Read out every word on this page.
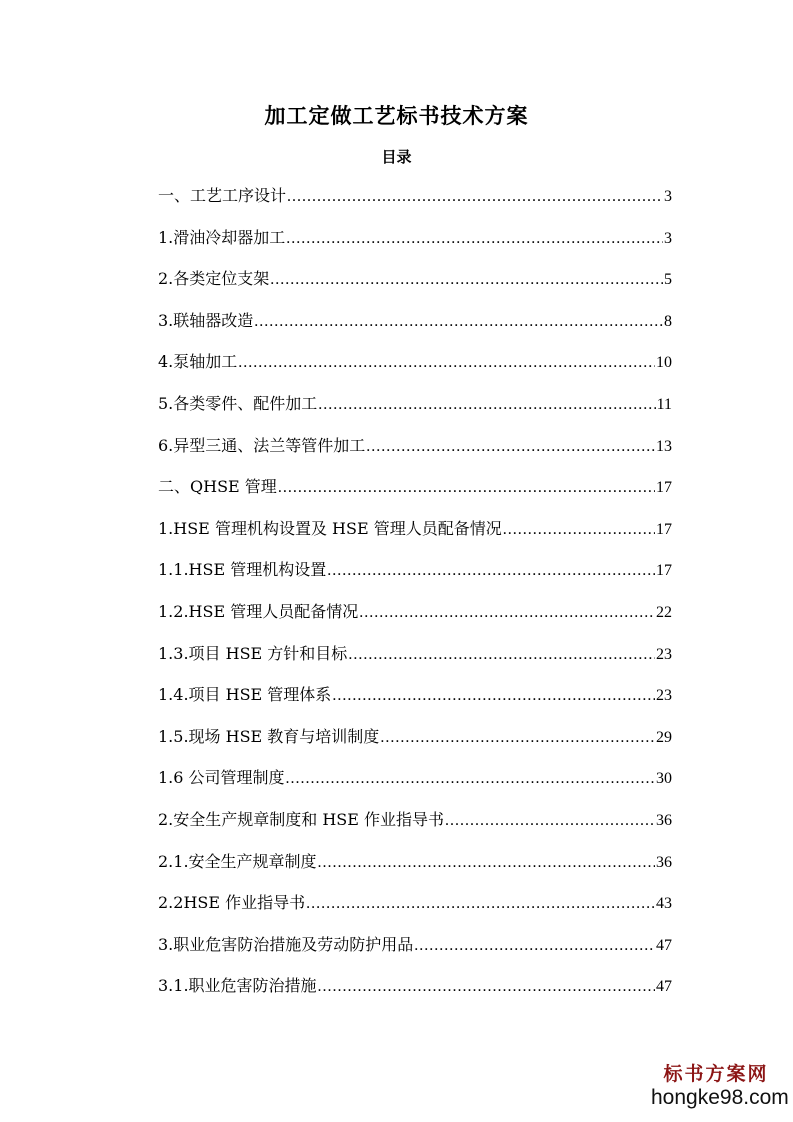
加工定做工艺标书技术方案
目录
一、工艺工序设计 .....	3
1.滑油冷却器加工 .....	3
2.各类定位支架 .....	5
3.联轴器改造 .....	8
4.泵轴加工 .....	10
5.各类零件、配件加工 .....	11
6.异型三通、法兰等管件加工 .....	13
二、QHSE 管理 .....	17
1.HSE 管理机构设置及 HSE 管理人员配备情况 .....	17
1.1.HSE 管理机构设置 .....	17
1.2.HSE 管理人员配备情况 .....	22
1.3.项目 HSE 方针和目标 .....	23
1.4.项目 HSE 管理体系 .....	23
1.5.现场 HSE 教育与培训制度 .....	29
1.6 公司管理制度 .....	30
2.安全生产规章制度和 HSE 作业指导书 .....	36
2.1.安全生产规章制度 .....	36
2.2HSE 作业指导书 .....	43
3.职业危害防治措施及劳动防护用品 .....	47
3.1.职业危害防治措施 .....	47
标书方案网
hongke98.com
